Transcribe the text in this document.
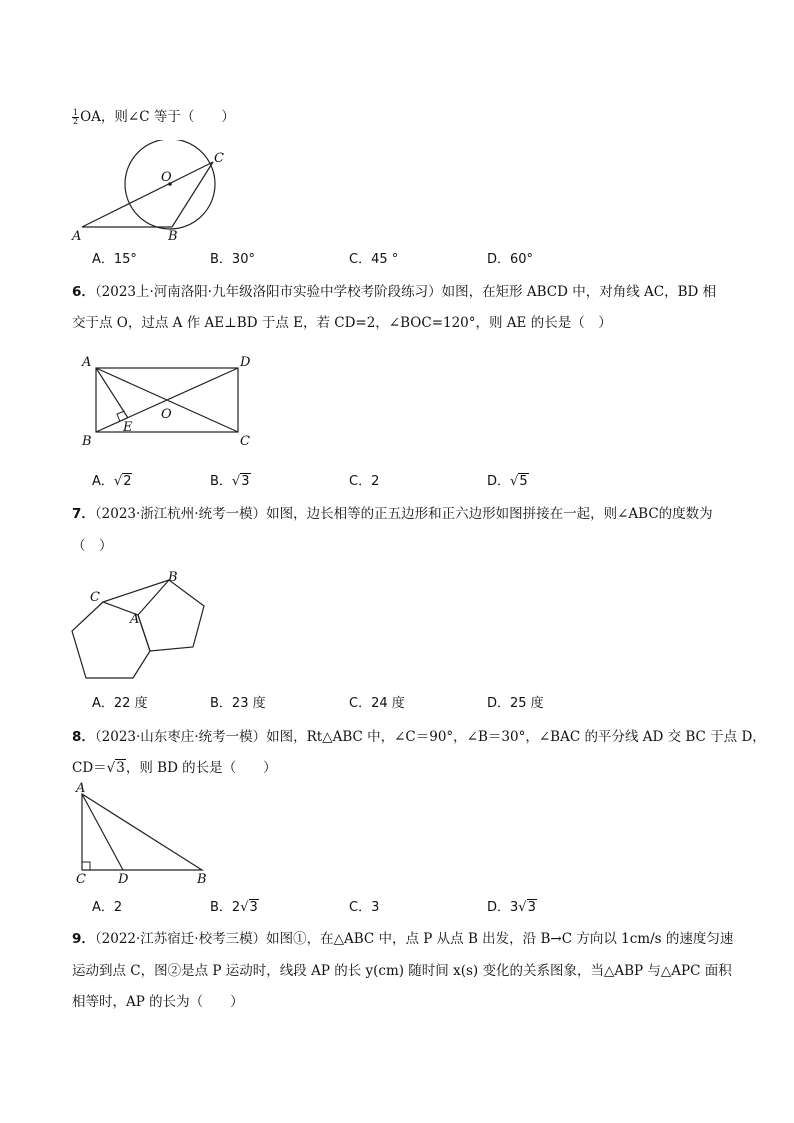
$\frac{1}{2}$ OA，则∠C 等于（　　）
O
C
A	B
A．15°	B．30°	C．45 °	D．60°
6．（2023上·河南洛阳·九年级洛阳市实验中学校考阶段练习）如图，在矩形 ABCD 中，对角线 AC，BD 相
交于点 O，过点 A 作 AE⊥BD 于点 E，若 CD=2，∠BOC=120°，则 AE 的长是（　）
A	D
O
E
B	C
A．√2	B．√3	C．2	D．√5
7．（2023·浙江杭州·统考一模）如图，边长相等的正五边形和正六边形如图拼接在一起，则∠ABC的度数为
（　）
C
B
A
A．22 度	B．23 度	C．24 度	D．25 度
8．（2023·山东枣庄·统考一模）如图，Rt△ABC 中，∠C＝90°，∠B＝30°，∠BAC 的平分线 AD 交 BC 于点 D，
CD＝√3，则 BD 的长是（　　）
A
C D	B
A．2	B．2√3	C．3	D．3√3
9．（2022·江苏宿迁·校考三模）如图①，在△ABC 中，点 P 从点 B 出发，沿 B→C 方向以 1cm/s 的速度匀速
运动到点 C，图②是点 P 运动时，线段 AP 的长 y(cm) 随时间 x(s) 变化的关系图象，当△ABP 与△APC 面积
相等时，AP 的长为（　　）
